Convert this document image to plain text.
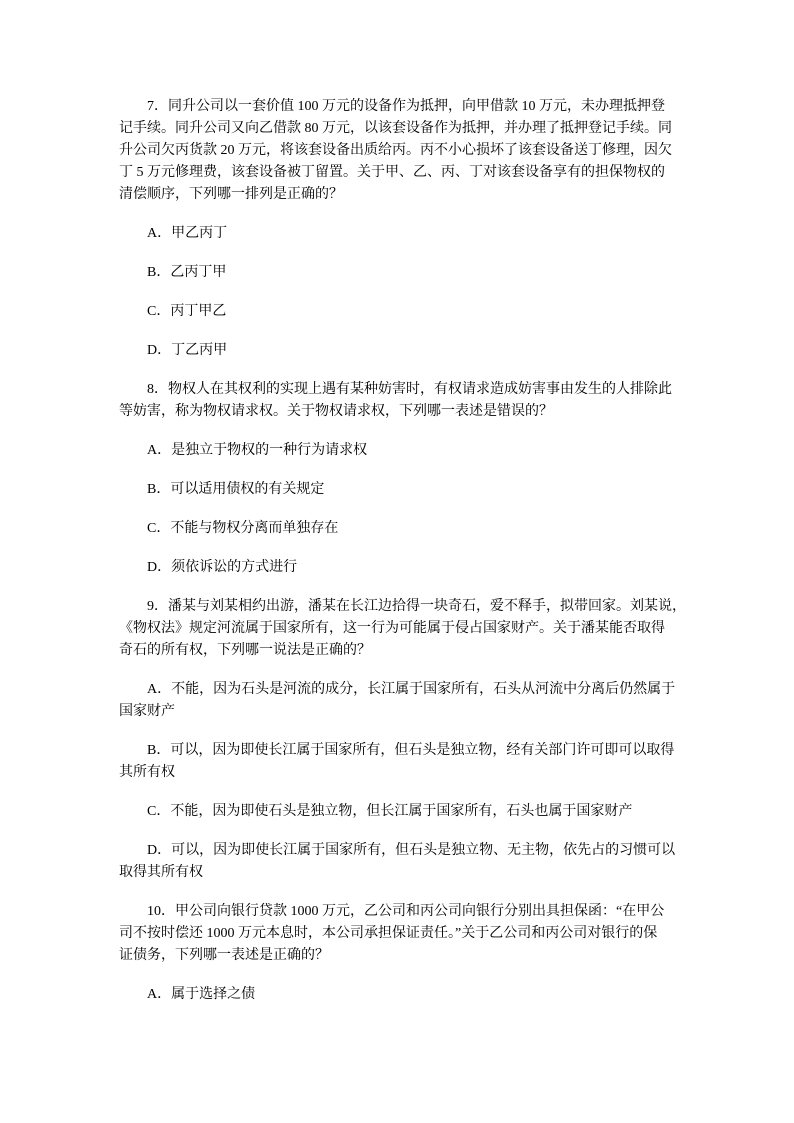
7．同升公司以一套价值 100 万元的设备作为抵押，向甲借款 10 万元，未办理抵押登
记手续。同升公司又向乙借款 80 万元，以该套设备作为抵押，并办理了抵押登记手续。同
升公司欠丙货款 20 万元，将该套设备出质给丙。丙不小心损坏了该套设备送丁修理，因欠
丁 5 万元修理费，该套设备被丁留置。关于甲、乙、丙、丁对该套设备享有的担保物权的
清偿顺序，下列哪一排列是正确的？
A．甲乙丙丁
B．乙丙丁甲
C．丙丁甲乙
D．丁乙丙甲
8．物权人在其权利的实现上遇有某种妨害时，有权请求造成妨害事由发生的人排除此
等妨害，称为物权请求权。关于物权请求权，下列哪一表述是错误的？
A．是独立于物权的一种行为请求权
B．可以适用债权的有关规定
C．不能与物权分离而单独存在
D．须依诉讼的方式进行
9．潘某与刘某相约出游，潘某在长江边拾得一块奇石，爱不释手，拟带回家。刘某说，
《物权法》规定河流属于国家所有，这一行为可能属于侵占国家财产。关于潘某能否取得
奇石的所有权，下列哪一说法是正确的？
A．不能，因为石头是河流的成分，长江属于国家所有，石头从河流中分离后仍然属于
国家财产
B．可以，因为即使长江属于国家所有，但石头是独立物，经有关部门许可即可以取得
其所有权
C．不能，因为即使石头是独立物，但长江属于国家所有，石头也属于国家财产
D．可以，因为即使长江属于国家所有，但石头是独立物、无主物，依先占的习惯可以
取得其所有权
10．甲公司向银行贷款 1000 万元，乙公司和丙公司向银行分别出具担保函：“在甲公
司不按时偿还 1000 万元本息时，本公司承担保证责任。”关于乙公司和丙公司对银行的保
证债务，下列哪一表述是正确的？
A．属于选择之债
